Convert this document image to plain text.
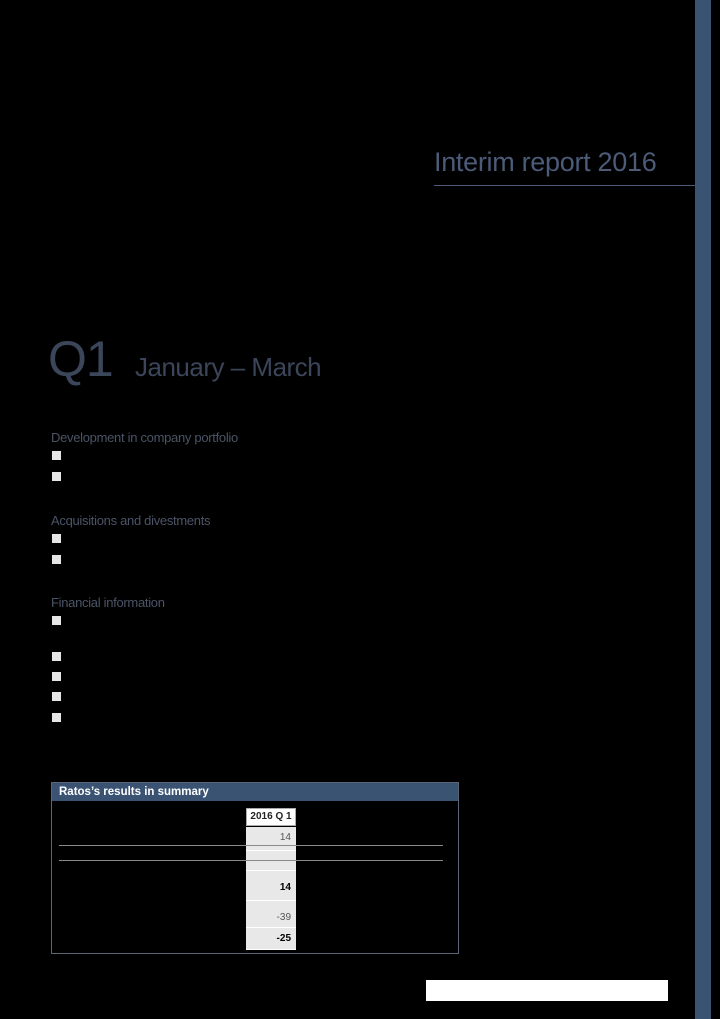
Interim report 2016
Q1 January – March
Development in company portfolio
Acquisitions and divestments
Financial information
Ratos’s results in summary
2016 Q 1
14
14
-39
-25
